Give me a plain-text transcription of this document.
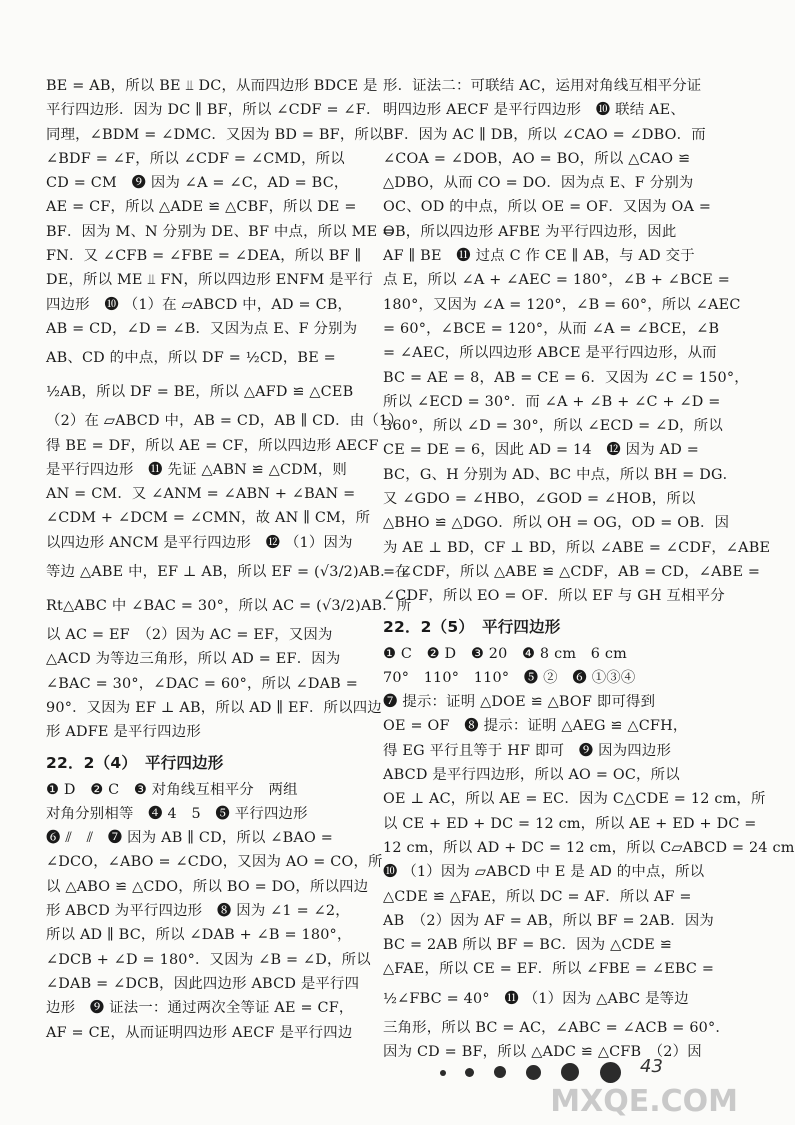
BE = AB，所以 BE ⫫ DC，从而四边形 BDCE 是
平行四边形．因为 DC ∥ BF，所以 ∠CDF = ∠F．
同理，∠BDM = ∠DMC．又因为 BD = BF，所以
∠BDF = ∠F，所以 ∠CDF = ∠CMD，所以
CD = CM　❾ 因为 ∠A = ∠C，AD = BC，
AE = CF，所以 △ADE ≌ △CBF，所以 DE =
BF．因为 M、N 分别为 DE、BF 中点，所以 ME =
FN．又 ∠CFB = ∠FBE = ∠DEA，所以 BF ∥
DE，所以 ME ⫫ FN，所以四边形 ENFM 是平行
四边形　❿ （1）在 ▱ABCD 中，AD = CB，
AB = CD，∠D = ∠B．又因为点 E、F 分别为
AB、CD 的中点，所以 DF = ½CD，BE =
½AB，所以 DF = BE，所以 △AFD ≌ △CEB
（2）在 ▱ABCD 中，AB = CD，AB ∥ CD．由（1）
得 BE = DF，所以 AE = CF，所以四边形 AECF
是平行四边形　⓫ 先证 △ABN ≌ △CDM，则
AN = CM．又 ∠ANM = ∠ABN + ∠BAN =
∠CDM + ∠DCM = ∠CMN，故 AN ∥ CM，所
以四边形 ANCM 是平行四边形　⓬ （1）因为
等边 △ABE 中，EF ⊥ AB，所以 EF = (√3/2)AB．在
Rt△ABC 中 ∠BAC = 30°，所以 AC = (√3/2)AB．所
以 AC = EF　（2）因为 AC = EF，又因为
△ACD 为等边三角形，所以 AD = EF．因为
∠BAC = 30°，∠DAC = 60°，所以 ∠DAB =
90°．又因为 EF ⊥ AB，所以 AD ∥ EF．所以四边
形 ADFE 是平行四边形
22．2（4）　平行四边形
❶ D　❷ C　❸ 对角线互相平分　两组
对角分别相等　❹ 4　5　❺ 平行四边形
❻ ⫽　⫽　❼ 因为 AB ∥ CD，所以 ∠BAO =
∠DCO，∠ABO = ∠CDO，又因为 AO = CO，所
以 △ABO ≌ △CDO，所以 BO = DO，所以四边
形 ABCD 为平行四边形　❽ 因为 ∠1 = ∠2，
所以 AD ∥ BC，所以 ∠DAB + ∠B = 180°，
∠DCB + ∠D = 180°．又因为 ∠B = ∠D，所以
∠DAB = ∠DCB，因此四边形 ABCD 是平行四
边形　❾ 证法一：通过两次全等证 AE = CF，
AF = CE，从而证明四边形 AECF 是平行四边
形．证法二：可联结 AC，运用对角线互相平分证
明四边形 AECF 是平行四边形　❿ 联结 AE、
BF．因为 AC ∥ DB，所以 ∠CAO = ∠DBO．而
∠COA = ∠DOB，AO = BO，所以 △CAO ≌
△DBO，从而 CO = DO．因为点 E、F 分别为
OC、OD 的中点，所以 OE = OF．又因为 OA =
OB，所以四边形 AFBE 为平行四边形，因此
AF ∥ BE　⓫ 过点 C 作 CE ∥ AB，与 AD 交于
点 E，所以 ∠A + ∠AEC = 180°，∠B + ∠BCE =
180°，又因为 ∠A = 120°，∠B = 60°，所以 ∠AEC
= 60°，∠BCE = 120°，从而 ∠A = ∠BCE，∠B
= ∠AEC，所以四边形 ABCE 是平行四边形，从而
BC = AE = 8，AB = CE = 6．又因为 ∠C = 150°，
所以 ∠ECD = 30°．而 ∠A + ∠B + ∠C + ∠D =
360°，所以 ∠D = 30°，所以 ∠ECD = ∠D，所以
CE = DE = 6，因此 AD = 14　⓬ 因为 AD =
BC，G、H 分别为 AD、BC 中点，所以 BH = DG．
又 ∠GDO = ∠HBO，∠GOD = ∠HOB，所以
△BHO ≌ △DGO．所以 OH = OG，OD = OB．因
为 AE ⊥ BD，CF ⊥ BD，所以 ∠ABE = ∠CDF，∠ABE
= ∠CDF，所以 △ABE ≌ △CDF，AB = CD，∠ABE =
∠CDF，所以 EO = OF．所以 EF 与 GH 互相平分
22．2（5）　平行四边形
❶ C　❷ D　❸ 20　❹ 8 cm　6 cm
70°　110°　110°　❺ ②　❻ ①③④
❼ 提示：证明 △DOE ≌ △BOF 即可得到
OE = OF　❽ 提示：证明 △AEG ≌ △CFH，
得 EG 平行且等于 HF 即可　❾ 因为四边形
ABCD 是平行四边形，所以 AO = OC，所以
OE ⊥ AC，所以 AE = EC．因为 C△CDE = 12 cm，所
以 CE + ED + DC = 12 cm，所以 AE + ED + DC =
12 cm，所以 AD + DC = 12 cm，所以 C▱ABCD = 24 cm
❿ （1）因为 ▱ABCD 中 E 是 AD 的中点，所以
△CDE ≌ △FAE，所以 DC = AF．所以 AF =
AB　（2）因为 AF = AB，所以 BF = 2AB．因为
BC = 2AB 所以 BF = BC．因为 △CDE ≌
△FAE，所以 CE = EF．所以 ∠FBE = ∠EBC =
½∠FBC = 40°　⓫ （1）因为 △ABC 是等边
三角形，所以 BC = AC，∠ABC = ∠ACB = 60°．
因为 CD = BF，所以 △ADC ≌ △CFB　（2）因
43
MXQE.COM
